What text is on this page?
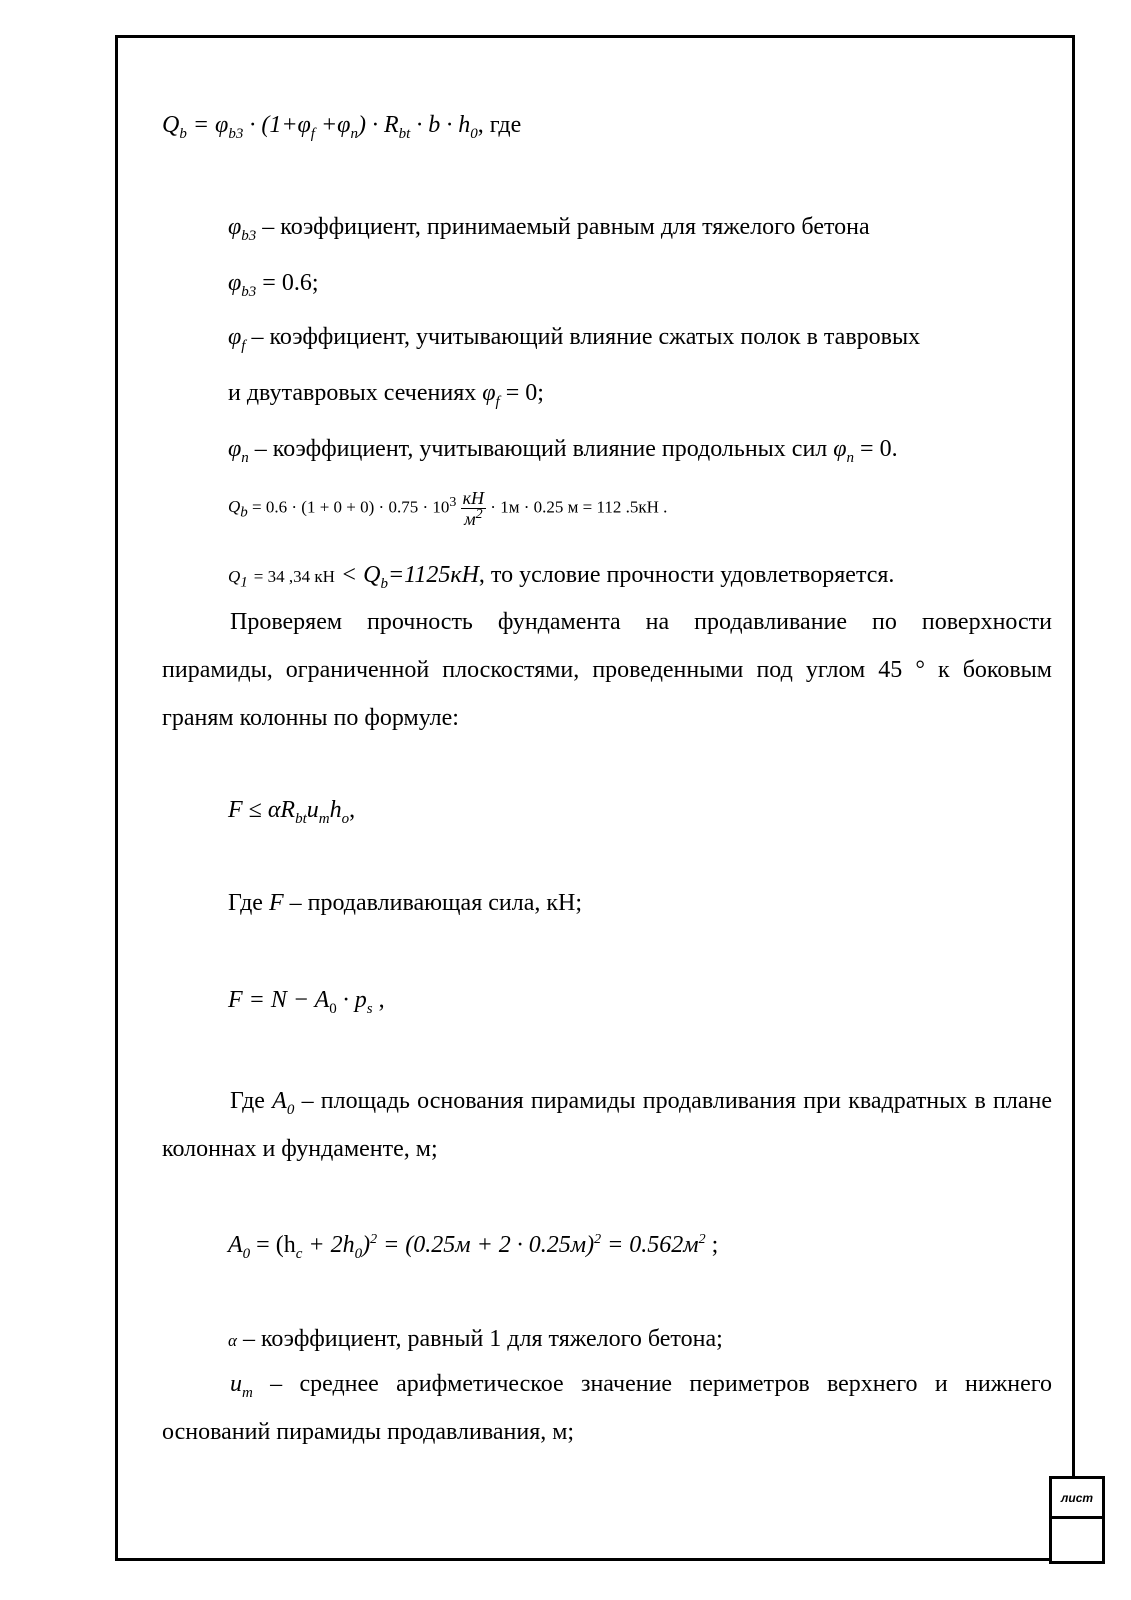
$Q_b = \varphi_{b3} \cdot (1+\varphi_f +\varphi_n) \cdot R_{bt} \cdot b \cdot h_0$, где
$\varphi_{b3}$ – коэффициент, принимаемый равным для тяжелого бетона
$\varphi_{b3} = 0.6$;
$\varphi_f$ – коэффициент, учитывающий влияние сжатых полок в тавровых
и двутавровых сечениях $\varphi_f = 0$;
$\varphi_n$ – коэффициент, учитывающий влияние продольных сил $\varphi_n = 0$.
$Q_b = 0.6 \cdot (1 + 0 + 0) \cdot 0.75 \cdot 10^3 \frac{кН}{м^2} \cdot 1м \cdot 0.25$ м = 112 .5кН .
$Q_1 = 34$ ,34 кН < $Q_b=1125кН$, то условие прочности удовлетворяется.
Проверяем прочность фундамента на продавливание по поверхности пирамиды, ограниченной плоскостями, проведенными под углом 45 ° к боковым граням колонны по формуле:
$F \le \alpha R_{bt}u_mh_o$,
Где F – продавливающая сила, кН;
$F = N - A_0 \cdot p_s$ ,
Где $A_0$ – площадь основания пирамиды продавливания при квадратных в плане колоннах и фундаменте, м;
$A_0 = (h_c + 2h_0)^2 = (0.25м + 2 \cdot 0.25м)^2 = 0.562м^2$ ;
α – коэффициент, равный 1 для тяжелого бетона;
$u_m$ – среднее арифметическое значение периметров верхнего и нижнего оснований пирамиды продавливания, м;
лист
